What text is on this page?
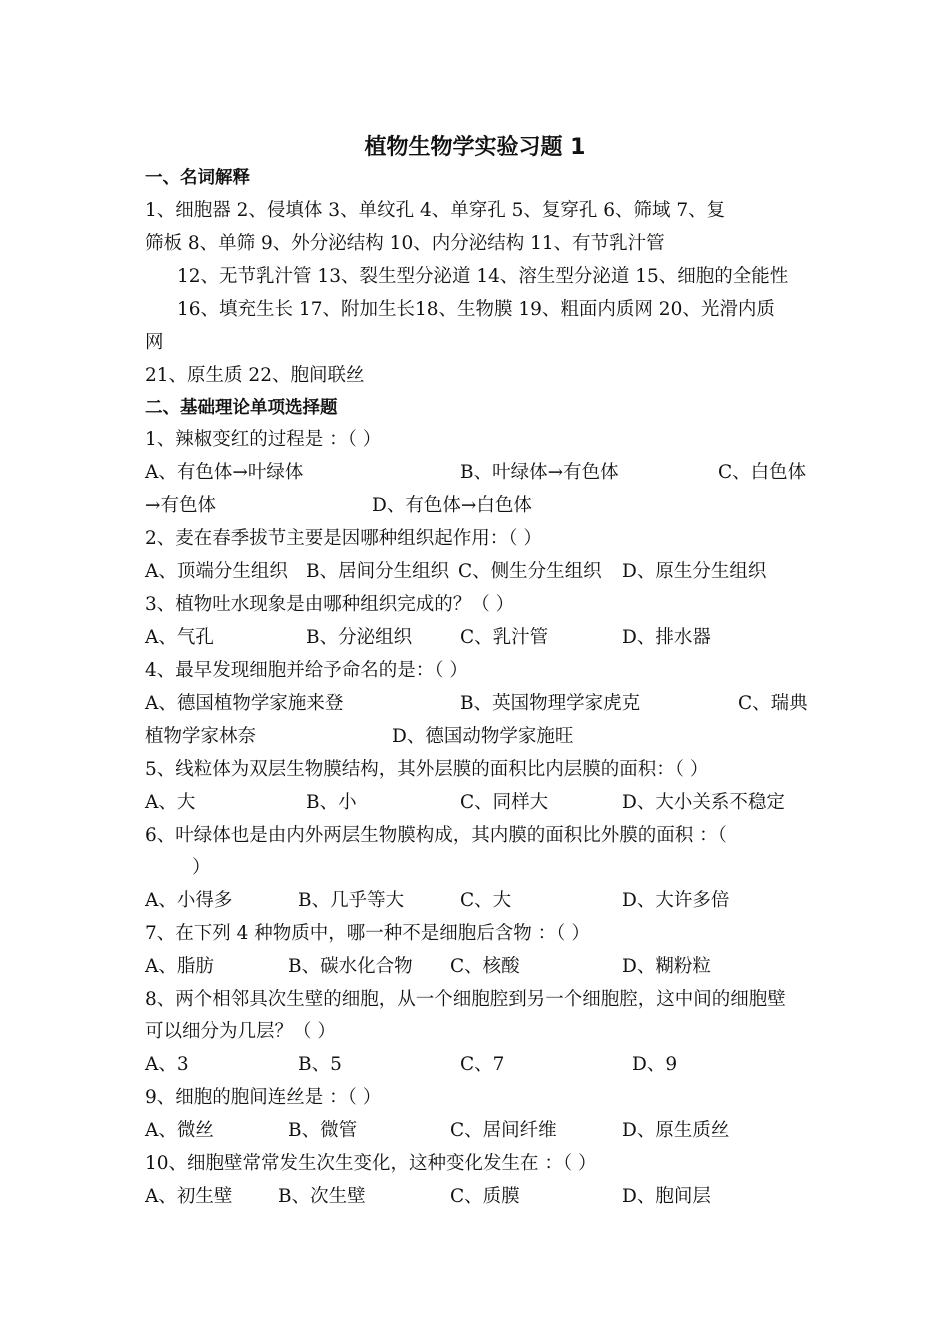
植物生物学实验习题 1
一、名词解释
1、细胞器 2、侵填体 3、单纹孔 4、单穿孔 5、复穿孔 6、筛域 7、复
筛板 8、单筛 9、外分泌结构 10、内分泌结构 11、有节乳汁管
12、无节乳汁管 13、裂生型分泌道 14、溶生型分泌道 15、细胞的全能性
16、填充生长 17、附加生长18、生物膜 19、粗面内质网 20、光滑内质
网
21、原生质 22、胞间联丝
二、基础理论单项选择题
1、辣椒变红的过程是 ：（ ）
A、有色体→叶绿体	B、叶绿体→有色体	C、白色体
→有色体	D、有色体→白色体
2、麦在春季拔节主要是因哪种组织起作用：（ ）
A、顶端分生组织 B、居间分生组织 C、侧生分生组织 D、原生分生组织
3、植物吐水现象是由哪种组织完成的？（ ）
A、气孔	B、分泌组织	C、乳汁管	D、排水器
4、最早发现细胞并给予命名的是：（ ）
A、德国植物学家施来登	B、英国物理学家虎克	C、瑞典
植物学家林奈	D、德国动物学家施旺
5、线粒体为双层生物膜结构，其外层膜的面积比内层膜的面积：（ ）
A、大	B、小	C、同样大	D、大小关系不稳定
6、叶绿体也是由内外两层生物膜构成，其内膜的面积比外膜的面积 ：（
）
A、小得多	B、几乎等大	C、大	D、大许多倍
7、在下列 4 种物质中，哪一种不是细胞后含物 ：（ ）
A、脂肪	B、碳水化合物 C、核酸	D、糊粉粒
8、两个相邻具次生壁的细胞，从一个细胞腔到另一个细胞腔，这中间的细胞壁
可以细分为几层？（ ）
A、3	B、5	C、7	D、9
9、细胞的胞间连丝是 ：（ ）
A、微丝	B、微管	C、居间纤维	D、原生质丝
10、细胞壁常常发生次生变化，这种变化发生在 ：（ ）
A、初生壁 B、次生壁	C、质膜	D、胞间层
